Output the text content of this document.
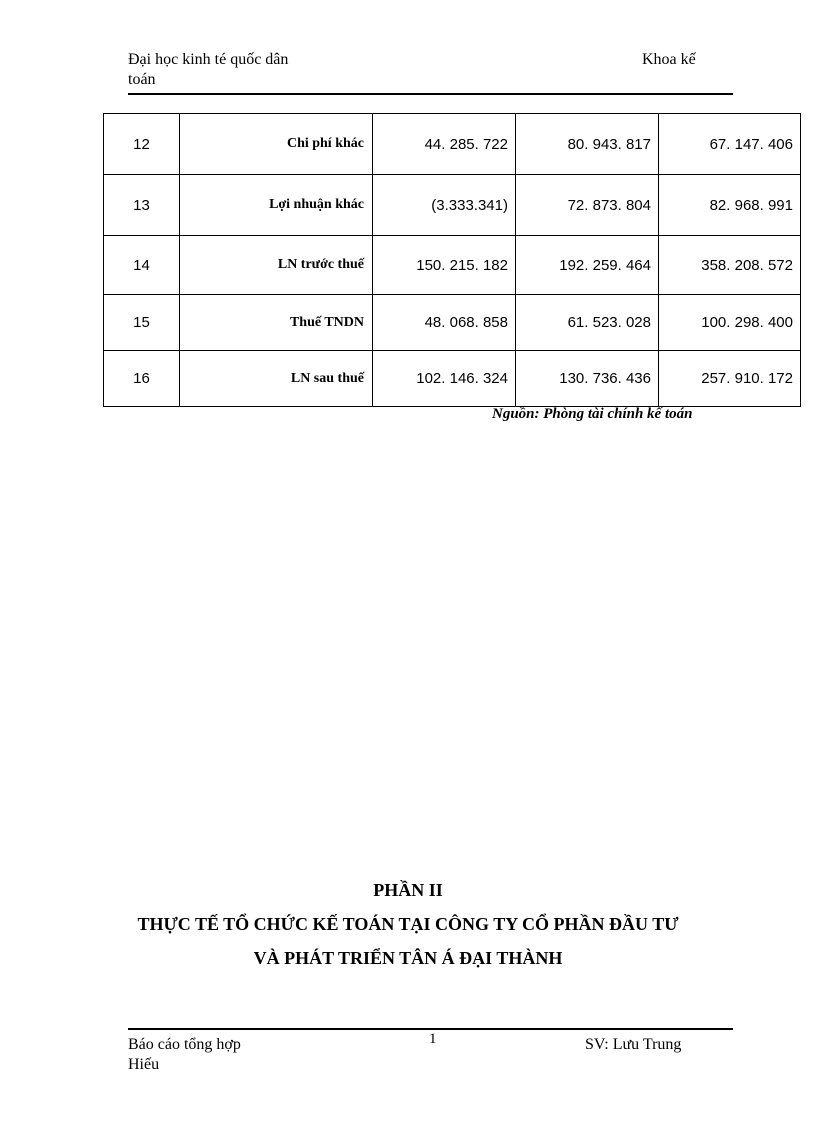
Đại học kinh té quốc dân
toán
Khoa kế
12	Chi phí khác	44. 285. 722	80. 943. 817	67. 147. 406
13	Lợi nhuận khác	(3.333.341)	72. 873. 804	82. 968. 991
14	LN trước thuế	150. 215. 182	192. 259. 464	358. 208. 572
15	Thuế TNDN	48. 068. 858	61. 523. 028	100. 298. 400
16	LN sau thuế	102. 146. 324	130. 736. 436	257. 910. 172
Nguồn: Phòng tài chính kế toán
PHẦN II
THỰC TẾ TỔ CHỨC KẾ TOÁN TẠI CÔNG TY CỔ PHẦN ĐẦU TƯ
VÀ PHÁT TRIỂN TÂN Á ĐẠI THÀNH
Báo cáo tổng hợp
Hiếu
1	SV: Lưu Trung
